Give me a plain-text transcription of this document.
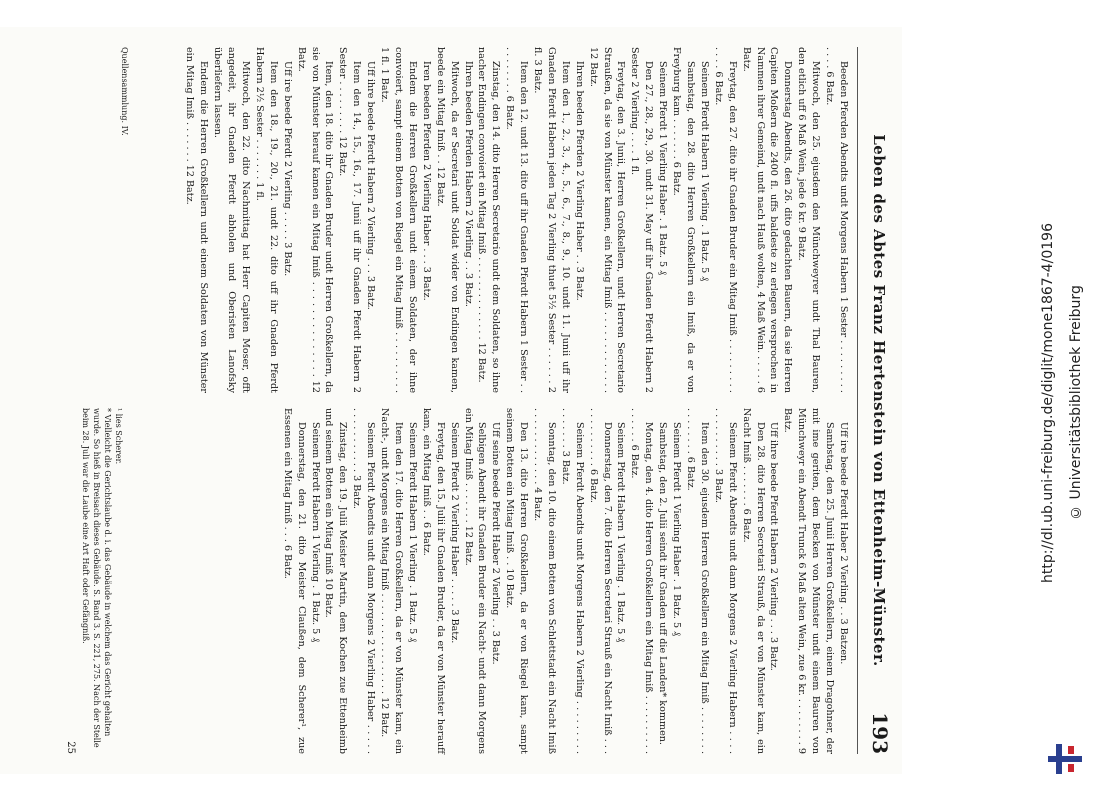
Leben des Abtes Franz Hertenstein von Ettenheim-Münster.
193

Beeden Pferden Abendts undt Morgens Habern 1 Sester . . . . . . . . . . . . . 6 Batz.

Mitwoch, den 25. ejusdem den Münchweyrer undt Thal Bauren, den etlich uff 6 Maß Wein, jede 6 kr. 9 Batz.

Donnerstag Abendts, den 26. dito gedachten Bauern, da sie Herren Capiten Moßern die 2400 fl. uffs baldeste zu erlegen versprochen in Nammen ihrer Gemeind, undt nach Hauß wolten, 4 Maß Wein. . . . . . 6 Batz.

Freytag, den 27. dito ihr Gnaden Bruder ein Mitag Imiß . . . . . . . . . . . . . 6 Batz.

Seinem Pferdt Habern 1 Vierling . 1 Batz. 5 ₰

Sambstag, den 28. dito Herren Großkellern ein Imiß, da er von Freyburg kam . . . . . . . 6 Batz.

Seinem Pferdt 1 Vierling Haber . 1 Batz. 5 ₰

Den 27., 28., 29., 30. undt 31. May uff ihr Gnaden Pferdt Habern 2 Sester 2 Vierling . . . . 1 fl.

Freytag, den 3. Junii, Herren Großkellern, undt Herren Secretario Straußen, da sie von Münster kamen, ein Mitag Imiß . . . . . . . . . . . . . 12 Batz.

Ihren beeden Pferden 2 Vierling Haber . . 3 Batz.

Item den 1., 2., 3., 4., 5., 6., 7., 8., 9., 10. undt 11. Junii uff ihr Gnaden Pferdt Habern jeden Tag 2 Vierling thuet 5½ Sester . . . . . . 2 fl. 3 Batz.

Item den 12. undt 13. dito uff ihr Gnaden Pferdt Habern 1 Sester . . . . . . . . . . 6 Batz.

Zinstag, den 14. dito Herren Secretario undt dem Soldaten, so ihne nacher Endingen convoiert ein Mitag Imiß . . . . . . . . . . . . . . 12 Batz.

Ihren beeden Pferden Habern 2 Vierling . . 3 Batz.

Mitwoch, da er Secretari undt Soldat wider von Endingen kamen, beede ein Mitag Imiß . . 12 Batz.

Iren beeden Pferden 2 Vierling Haber . . . 3 Batz.

Endem die Herren Großkellern undt einem Soldaten, der ihne convoiert, sampt einem Botten von Riegel ein Mitag Imiß . . . . . . . . . . 1 fl. 1 Batz.

Uff ihre beede Pferdt Habern 2 Vierling . . . 3 Batz.

Item den 14., 15., 16., 17. Junii uff ihr Gnaden Pferdt Habern 2 Sester . . . . . . . . . 12 Batz.

Item, den 18. dito ihr Gnaden Bruder undt Herren Großkellern, da sie von Münster herauf kamen ein Mitag Imiß . . . . . . . . . . . . . . 12 Batz.

Uff ire beede Pferdt 2 Vierling . . . . . 3 Batz.

Item den 18., 19., 20., 21. undt 22. dito uff ihr Gnaden Pferdt Habern 2½ Sester . . . . . . . 1 fl.

Mitwoch, den 22. dito Nachmittag hat Herr Capiten Moser, offt angedeit, ihr Gnaden Pferdt abholen und Oberisten Lanofsky überliefern lassen.

Endem die Herren Großkellern undt einem Soldaten von Münster ein Mitag Imiß . . . . . . . 12 Batz.

Uff ire beede Pferdt Haber 2 Vierling . . 3 Batzen.

Sambstag, den 25. Junii Herren Großkellern, einem Dragohner, der mit ime geriten, dem Becken von Münster undt einem Bauren von Münchweyr ein Abendt Trunck 6 Maß alten Wein, zue 6 kr. . . . . . . . . 9 Batz.

Uff ihre beede Pferdt Habern 2 Vierling . . . 3 Batz.

Den 28. dito Herren Secretari Strauß, da er von Münster kam, ein Nacht Imiß . . . . . . . 6 Batz.

Seinem Pferdt Abendts undt dann Morgens 2 Vierling Habern . . . . . . . . . . . . . . 3 Batz.

Item den 30. ejusdem Herren Großkellern ein Mitag Imiß . . . . . . . . . . . . . . . . 6 Batz.

Seinem Pferdt 1 Vierling Haber . 1 Batz. 5 ₰

Sambstag, den 2. Julii seindt ihr Gnaden uff die Landen* kommen.

Montag, den 4. dito Herren Großkellern ein Mitag Imiß . . . . . . . . . . . . . . . . 6 Batz.

Seinem Pferdt Habern 1 Vierling . 1 Batz. 5 ₰

Donnerstag, den 7. dito Herren Secretari Strauß ein Nacht Imiß . . . . . . . . . . . . . 6 Batz.

Seinem Pferdt Abendts undt Morgens Habern 2 Vierling . . . . . . . . . . . . . . . . 3 Batz.

Sonntag, den 10. dito einem Botten von Schlettstadt ein Nacht Imiß . . . . . . . . . . . . . 4 Batz.

Den 13. dito Herren Großkellern, da er von Riegel kam, sampt seinem Botten ein Mitag Imiß . . 10 Batz.

Uff seine beede Pferdt Haber 2 Vierling . . 3 Batz.

Selbigen Abendt ihr Gnaden Bruder ein Nacht- undt dann Morgens ein Mitag Imiß . . . . . . . 12 Batz.

Seinem Pferdt 2 Vierling Haber . . . . . 3 Batz.

Freytag, den 15. Julii ihr Gnaden Bruder, da er von Münster herauff kam, ein Mitag Imiß . . 6 Batz.

Seinem Pferdt Habern 1 Vierling . 1 Batz. 5 ₰

Item den 17. dito Herren Großkellern, da er von Münster kam, ein Nacht-, undt Morgens ein Mitag Imiß . . . . . . . . . . . . . . . . . 12 Batz.

Seinem Pferdt Abendts undt dann Morgens 2 Vierling Haber . . . . . . . . . . . . . . . . 3 Batz.

Zinstag, den 19. Julii Meister Martin, dem Kochen zue Ettenheimb und seinem Botten ein Mitag Imiß 10 Batz.

Seinem Pferdt Habern 1 Vierling . 1 Batz. 5 ₰

Donnerstag, den 21. dito Meister Claußen, dem Scherer¹, zue Essenen ein Mitag Imiß . . . 6 Batz.

Quellensammlung. IV.

¹ lies Scherer.

* Vielleicht die Gerichtslaube d. i. das Gebäude in welchem das Gericht gehalten wurde. So hieß in Breisach dieses Gebäude. S. Band 3. S. 221, 275. Nach der Stelle beim 28. Juli war die Laube eine Art Haft oder Gefängniß.

25
http://dl.ub.uni-freiburg.de/diglit/mone1867-4/0196 © Universitätsbibliothek Freiburg
